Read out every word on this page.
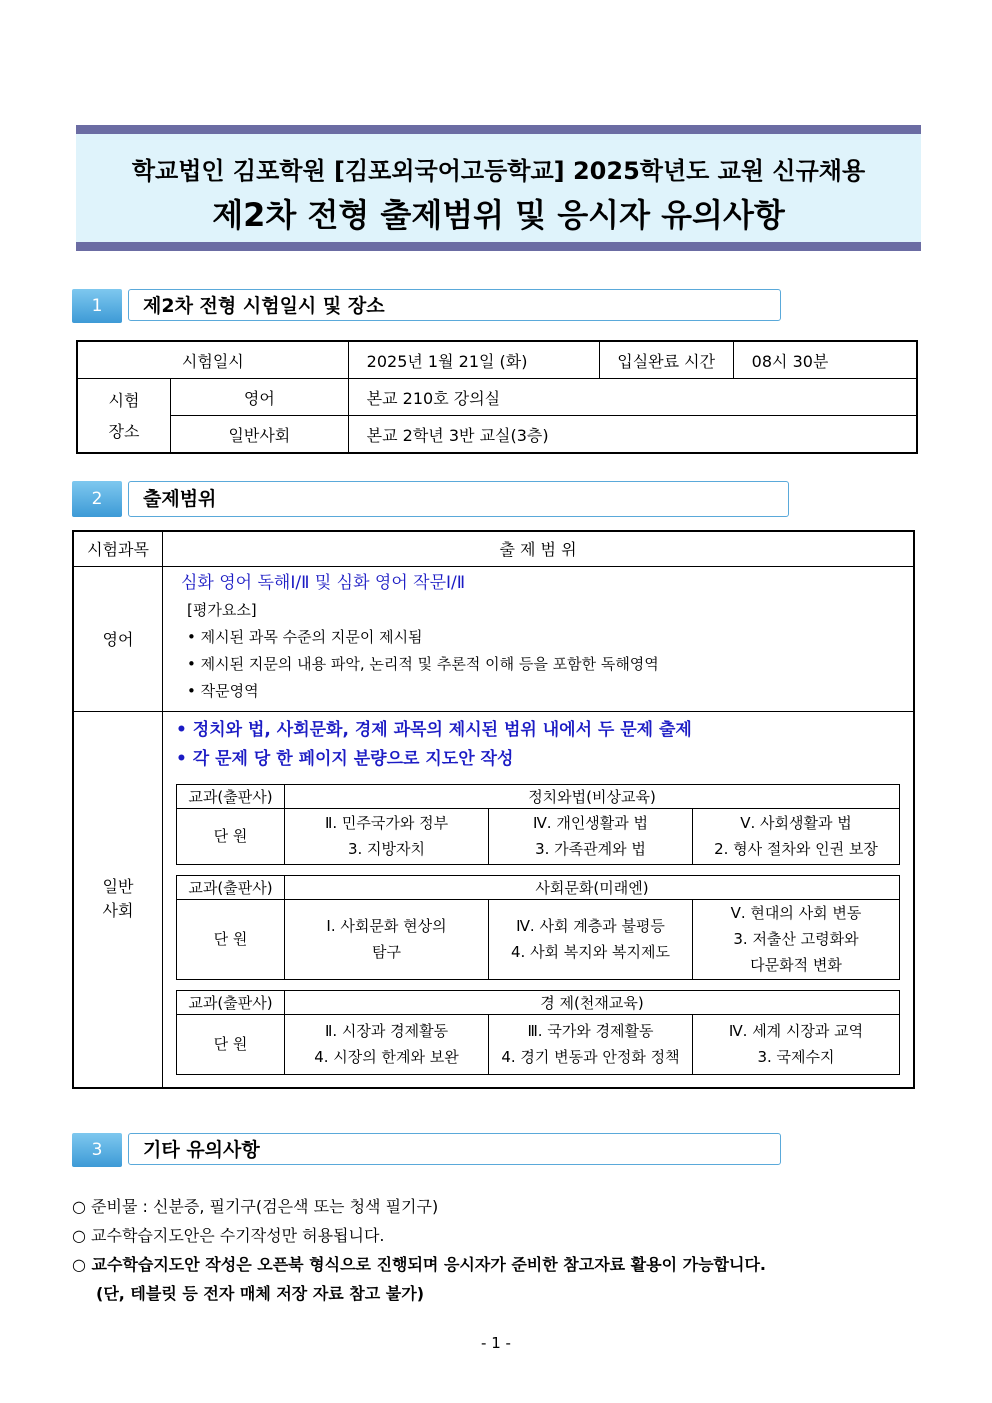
학교법인 김포학원 [김포외국어고등학교] 2025학년도 교원 신규채용
제2차 전형 출제범위 및 응시자 유의사항
1	제2차 전형 시험일시 및 장소
시험일시		2025년 1월 21일 (화)	입실완료 시간	08시 30분

시험
장소	영어	본교 210호 강의실		
	일반사회	본교 2학년 3반 교실(3층)		
2	출제범위
시험과목	출 제 범 위
영어	
심화 영어 독해Ⅰ/Ⅱ 및 심화 영어 작문Ⅰ/Ⅱ
[평가요소]
• 제시된 과목 수준의 지문이 제시됨
• 제시된 지문의 내용 파악, 논리적 및 추론적 이해 등을 포함한 독해영역
• 작문영역

일반
사회

• 정치와 법, 사회문화, 경제 과목의 제시된 범위 내에서 두 문제 출제
• 각 문제 당 한 페이지 분량으로 지도안 작성
교과(출판사)	정치와법(비상교육)
단 원	
Ⅱ. 민주국가와 정부
3. 지방자치

Ⅳ. 개인생활과 법
3. 가족관계와 법

Ⅴ. 사회생활과 법
2. 형사 절차와 인권 보장
교과(출판사)	사회문화(미래엔)
단 원	
Ⅰ. 사회문화 현상의
탐구

Ⅳ. 사회 계층과 불평등
4. 사회 복지와 복지제도

Ⅴ. 현대의 사회 변동
3. 저출산 고령화와
다문화적 변화
교과(출판사)	경 제(천재교육)
단 원	
Ⅱ. 시장과 경제활동
4. 시장의 한계와 보완

Ⅲ. 국가와 경제활동
4. 경기 변동과 안정화 정책

Ⅳ. 세계 시장과 교역
3. 국제수지
3	기타 유의사항
○ 준비물 : 신분증, 필기구(검은색 또는 청색 필기구)
○ 교수학습지도안은 수기작성만 허용됩니다.
○ 교수학습지도안 작성은 오픈북 형식으로 진행되며 응시자가 준비한 참고자료 활용이 가능합니다.
(단, 테블릿 등 전자 매체 저장 자료 참고 불가)
- 1 -
